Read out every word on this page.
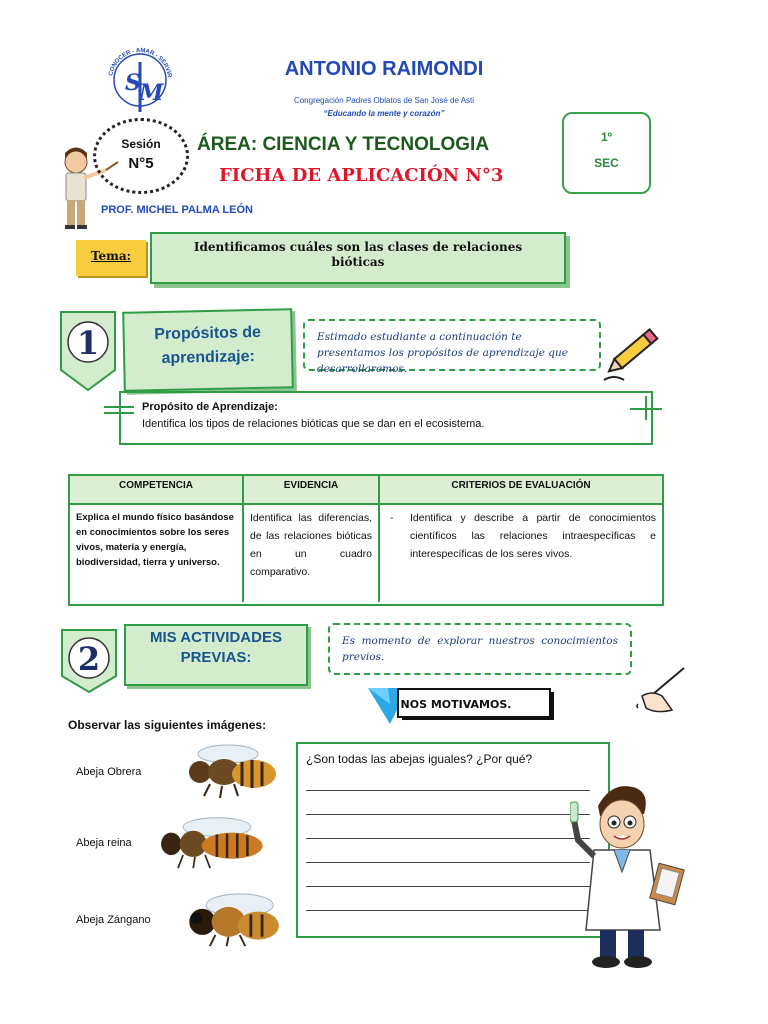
CONOCER - AMAR - SERVIR
S
M
ANTONIO RAIMONDI
Congregación Padres Oblatos de San José de Asti
“Educando la mente y corazón”
Sesión
N°5
ÁREA: CIENCIA Y TECNOLOGIA
FICHA DE APLICACIÓN N°3
1º
SEC
PROF. MICHEL PALMA LEÓN
Tema:
Identificamos cuáles son las clases de relaciones bióticas
1	Propósitos de aprendizaje:
Estimado estudiante a continuación te presentamos los propósitos de aprendizaje que desarrollaremos.
Propósito de Aprendizaje:
Identifica los tipos de relaciones bióticas que se dan en el ecosistema.
COMPETENCIA	EVIDENCIA	CRITERIOS DE EVALUACIÓN
Explica el mundo físico basándose en conocimientos sobre los seres vivos, materia y energía, biodiversidad, tierra y universo.
Identifica las diferencias, de las relaciones bióticas en un cuadro comparativo.
- Identifica y describe a partir de conocimientos científicos las relaciones intraespecíficas e interespecíficas de los seres vivos.
2
MIS ACTIVIDADES PREVIAS:
Es momento de explorar nuestros conocimientos previos.
NOS MOTIVAMOS.
Observar las siguientes imágenes:
Abeja Obrera
Abeja reina
Abeja Zángano
¿Son todas las abejas iguales? ¿Por qué?
